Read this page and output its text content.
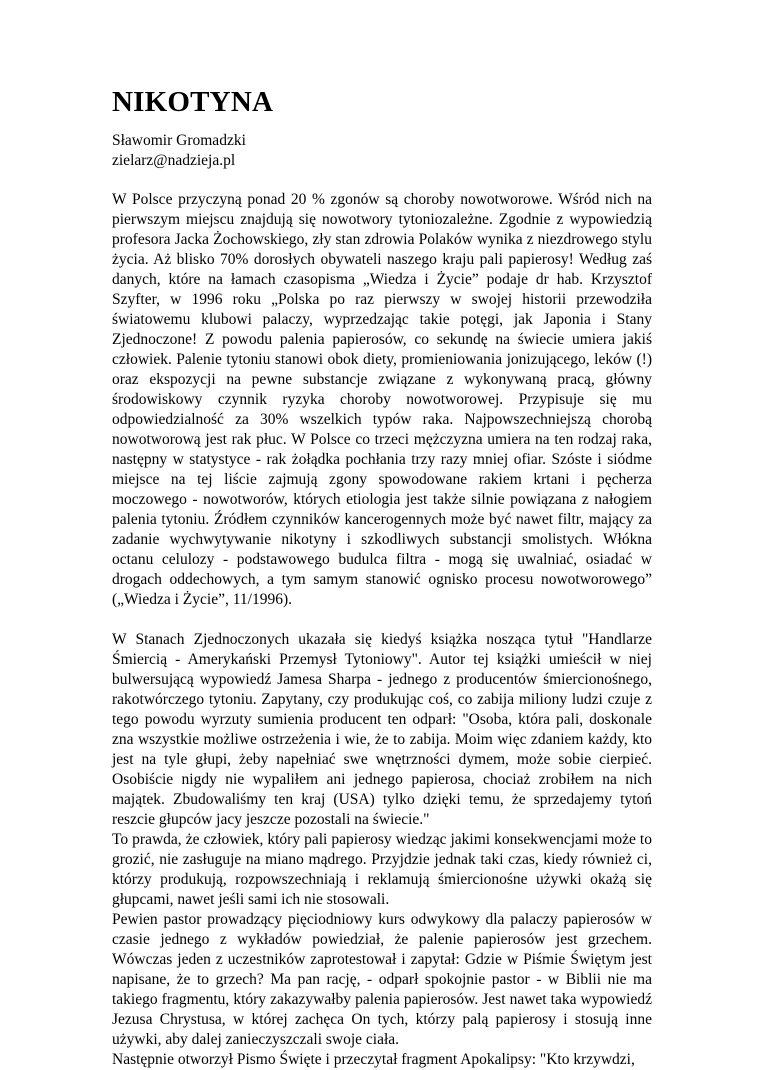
NIKOTYNA
Sławomir Gromadzki
zielarz@nadzieja.pl

W Polsce przyczyną ponad 20 % zgonów są choroby nowotworowe. Wśród nich na pierwszym miejscu znajdują się nowotwory tytoniozależne. Zgodnie z wypowiedzią profesora Jacka Żochowskiego, zły stan zdrowia Polaków wynika z niezdrowego stylu życia. Aż blisko 70% dorosłych obywateli naszego kraju pali papierosy! Według zaś danych, które na łamach czasopisma „Wiedza i Życie” podaje dr hab. Krzysztof Szyfter, w 1996 roku „Polska po raz pierwszy w swojej historii przewodziła światowemu klubowi palaczy, wyprzedzając takie potęgi, jak Japonia i Stany Zjednoczone! Z powodu palenia papierosów, co sekundę na świecie umiera jakiś człowiek. Palenie tytoniu stanowi obok diety, promieniowania jonizującego, leków (!) oraz ekspozycji na pewne substancje związane z wykonywaną pracą, główny środowiskowy czynnik ryzyka choroby nowotworowej. Przypisuje się mu odpowiedzialność za 30% wszelkich typów raka. Najpowszechniejszą chorobą nowotworową jest rak płuc. W Polsce co trzeci mężczyzna umiera na ten rodzaj raka, następny w statystyce - rak żołądka pochłania trzy razy mniej ofiar. Szóste i siódme miejsce na tej liście zajmują zgony spowodowane rakiem krtani i pęcherza moczowego - nowotworów, których etiologia jest także silnie powiązana z nałogiem palenia tytoniu. Źródłem czynników kancerogennych może być nawet filtr, mający za zadanie wychwytywanie nikotyny i szkodliwych substancji smolistych. Włókna octanu celulozy - podstawowego budulca filtra - mogą się uwalniać, osiadać w drogach oddechowych, a tym samym stanowić ognisko procesu nowotworowego” („Wiedza i Życie”, 11/1996).

W Stanach Zjednoczonych ukazała się kiedyś książka nosząca tytuł "Handlarze Śmiercią - Amerykański Przemysł Tytoniowy". Autor tej książki umieścił w niej bulwersującą wypowiedź Jamesa Sharpa - jednego z producentów śmiercionośnego, rakotwórczego tytoniu. Zapytany, czy produkując coś, co zabija miliony ludzi czuje z tego powodu wyrzuty sumienia producent ten odparł: "Osoba, która pali, doskonale zna wszystkie możliwe ostrzeżenia i wie, że to zabija. Moim więc zdaniem każdy, kto jest na tyle głupi, żeby napełniać swe wnętrzności dymem, może sobie cierpieć. Osobiście nigdy nie wypaliłem ani jednego papierosa, chociaż zrobiłem na nich majątek. Zbudowaliśmy ten kraj (USA) tylko dzięki temu, że sprzedajemy tytoń reszcie głupców jacy jeszcze pozostali na świecie."

To prawda, że człowiek, który pali papierosy wiedząc jakimi konsekwencjami może to grozić, nie zasługuje na miano mądrego. Przyjdzie jednak taki czas, kiedy również ci, którzy produkują, rozpowszechniają i reklamują śmiercionośne używki okażą się głupcami, nawet jeśli sami ich nie stosowali.

Pewien pastor prowadzący pięciodniowy kurs odwykowy dla palaczy papierosów w czasie jednego z wykładów powiedział, że palenie papierosów jest grzechem. Wówczas jeden z uczestników zaprotestował i zapytał: Gdzie w Piśmie Świętym jest napisane, że to grzech? Ma pan rację, - odparł spokojnie pastor - w Biblii nie ma takiego fragmentu, który zakazywałby palenia papierosów. Jest nawet taka wypowiedź Jezusa Chrystusa, w której zachęca On tych, którzy palą papierosy i stosują inne używki, aby dalej zanieczyszczali swoje ciała.

Następnie otworzył Pismo Święte i przeczytał fragment Apokalipsy: "Kto krzywdzi,
